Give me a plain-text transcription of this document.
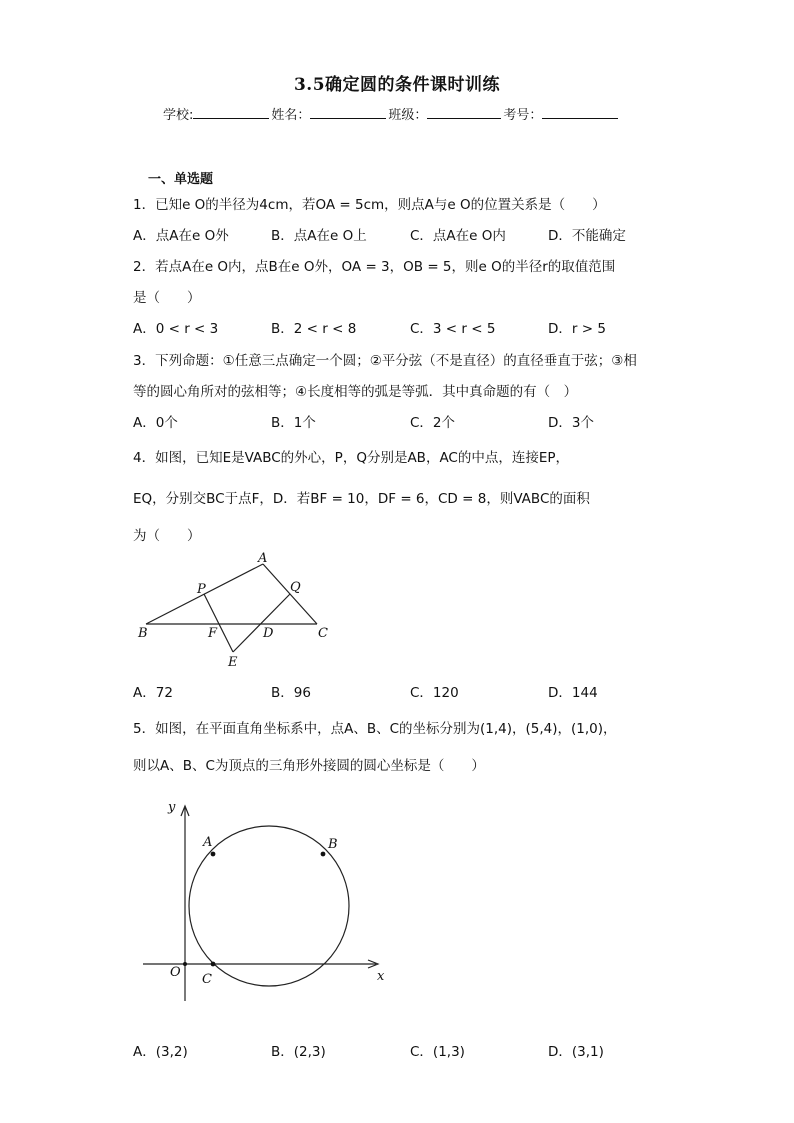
3.5确定圆的条件课时训练
学校:	姓名：	班级：	考号：
一、单选题
1．已知e O的半径为4cm，若OA = 5cm，则点A与e O的位置关系是（　　）
A．点A在e O外	B．点A在e O上	C．点A在e O内	D．不能确定
2．若点A在e O内，点B在e O外，OA = 3，OB = 5，则e O的半径r的取值范围
是（　　）
A．0 < r < 3	B．2 < r < 8	C．3 < r < 5	D．r > 5
3．下列命题：①任意三点确定一个圆；②平分弦（不是直径）的直径垂直于弦；③相
等的圆心角所对的弦相等；④长度相等的弧是等弧．其中真命题的有（　）
A．0个	B．1个	C．2个	D．3个
4．如图，已知E是VABC的外心，P，Q分别是AB，AC的中点，连接EP，
EQ，分别交BC于点F，D．若BF = 10，DF = 6，CD = 8，则VABC的面积
为（　　）
A
P	Q
B	F	D	C
E
A．72	B．96	C．120	D．144
5．如图，在平面直角坐标系中，点A、B、C的坐标分别为(1,4)，(5,4)，(1,0)，
则以A、B、C为顶点的三角形外接圆的圆心坐标是（　　）
y
A	B
O C	x
A．(3,2)	B．(2,3)	C．(1,3)	D．(3,1)
